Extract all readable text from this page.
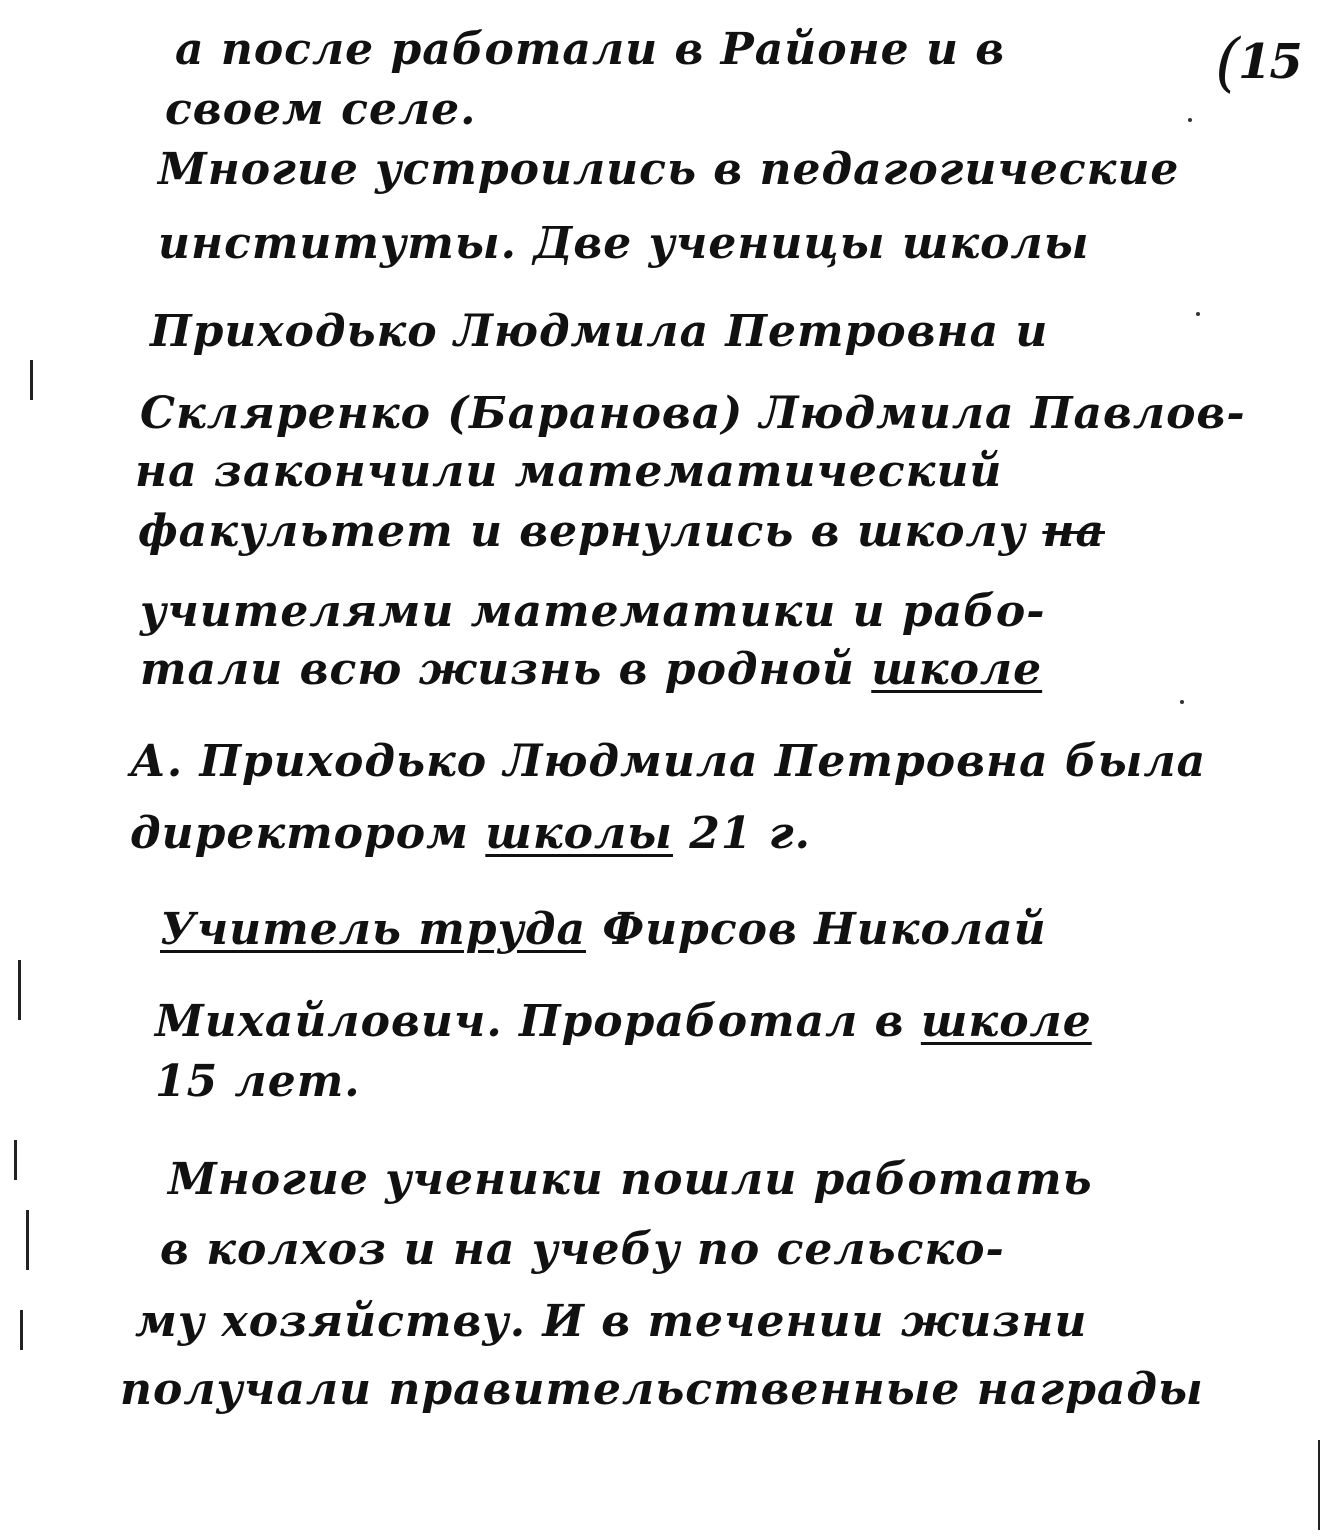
(15
а после работали в Районе и в
своем селе.
Многие устроились в педагогические
институты. Две ученицы школы
Приходько Людмила Петровна и
Скляренко (Баранова) Людмила Павлов-
на закончили математический
факультет и вернулись в школу на
учителями математики и рабо-
тали всю жизнь в родной школе
А. Приходько Людмила Петровна была
директором школы 21 г.
Учитель труда Фирсов Николай
Михайлович. Проработал в школе
15 лет.
Многие ученики пошли работать
в колхоз и на учебу по сельско-
му хозяйству. И в течении жизни
получали правительственные награды
